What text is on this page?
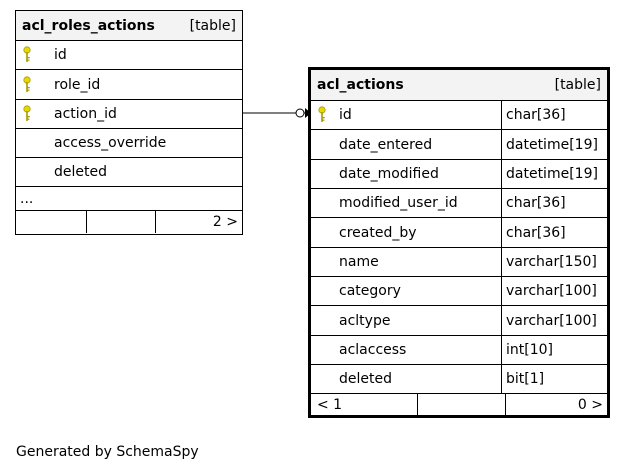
acl_roles_actions [table]
id
role_id
action_id
access_override
deleted
...
2 >
acl_actions	[table]
id	char[36]
date_entered	datetime[19]
date_modified	datetime[19]
modified_user_id	char[36]
created_by	char[36]
name	varchar[150]
category	varchar[100]
acltype	varchar[100]
aclaccess	int[10]
deleted	bit[1]
< 1	0 >
Generated by SchemaSpy
